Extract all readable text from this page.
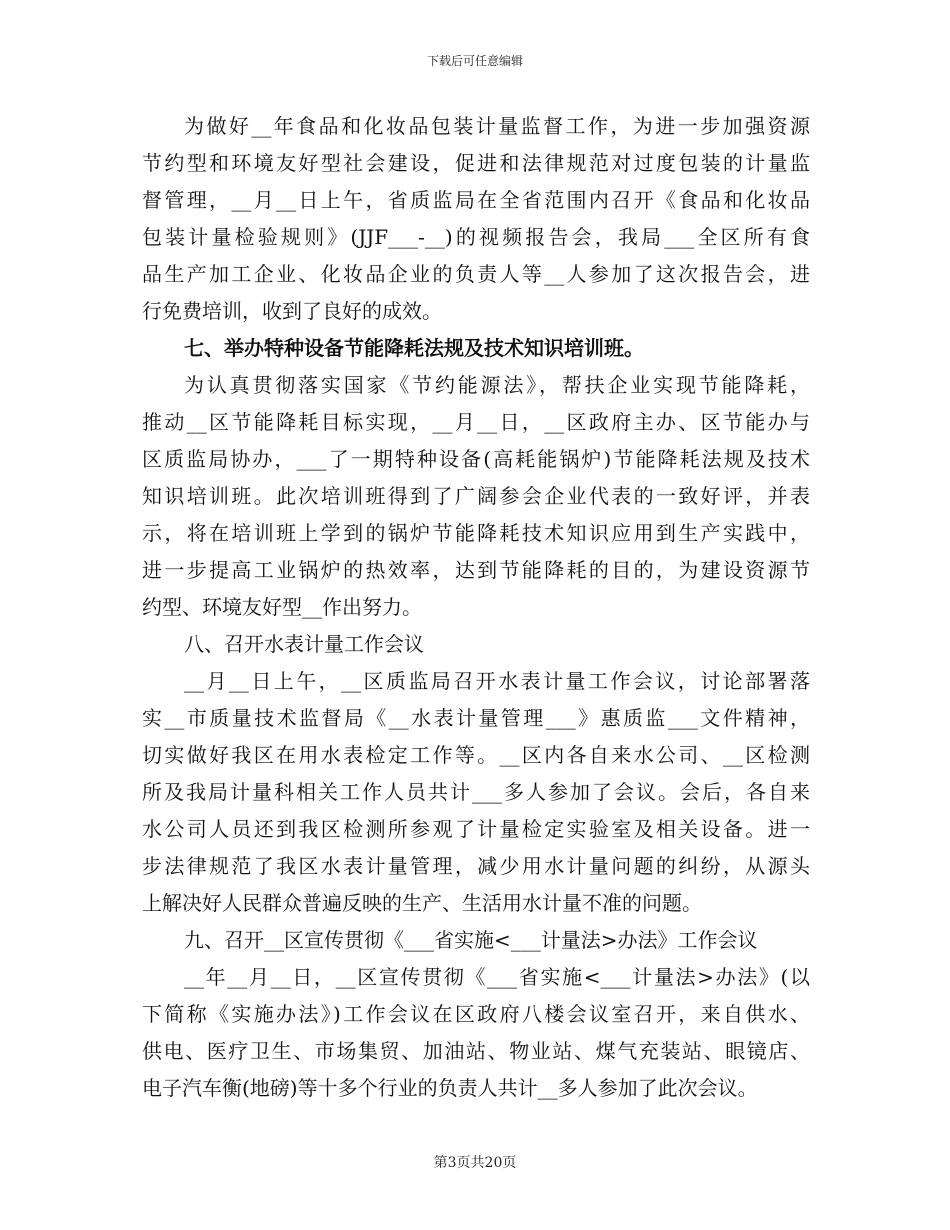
下载后可任意编辑
为做好__年食品和化妆品包装计量监督工作，为进一步加强资源
节约型和环境友好型社会建设，促进和法律规范对过度包装的计量监
督管理，__月__日上午，省质监局在全省范围内召开《食品和化妆品
包装计量检验规则》(JJF___-__)的视频报告会，我局___全区所有食
品生产加工企业、化妆品企业的负责人等__人参加了这次报告会，进
行免费培训，收到了良好的成效。
七、举办特种设备节能降耗法规及技术知识培训班。
为认真贯彻落实国家《节约能源法》，帮扶企业实现节能降耗，
推动__区节能降耗目标实现，__月__日，__区政府主办、区节能办与
区质监局协办，___了一期特种设备(高耗能锅炉)节能降耗法规及技术
知识培训班。此次培训班得到了广阔参会企业代表的一致好评，并表
示，将在培训班上学到的锅炉节能降耗技术知识应用到生产实践中，
进一步提高工业锅炉的热效率，达到节能降耗的目的，为建设资源节
约型、环境友好型__作出努力。
八、召开水表计量工作会议
__月__日上午，__区质监局召开水表计量工作会议，讨论部署落
实__市质量技术监督局《__水表计量管理___》惠质监___文件精神，
切实做好我区在用水表检定工作等。__区内各自来水公司、__区检测
所及我局计量科相关工作人员共计___多人参加了会议。会后，各自来
水公司人员还到我区检测所参观了计量检定实验室及相关设备。进一
步法律规范了我区水表计量管理，减少用水计量问题的纠纷，从源头
上解决好人民群众普遍反映的生产、生活用水计量不准的问题。
九、召开__区宣传贯彻《___省实施<___计量法>办法》工作会议
__年__月__日，__区宣传贯彻《___省实施<___计量法>办法》(以
下简称《实施办法》)工作会议在区政府八楼会议室召开，来自供水、
供电、医疗卫生、市场集贸、加油站、物业站、煤气充装站、眼镜店、
电子汽车衡(地磅)等十多个行业的负责人共计__多人参加了此次会议。
第3页共20页
